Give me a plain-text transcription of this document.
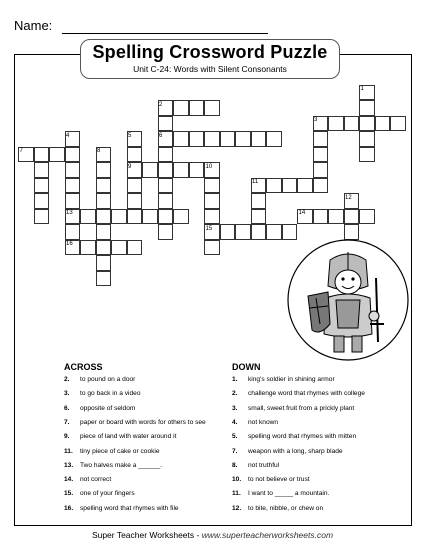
Name:
Spelling Crossword Puzzle
Unit C-24: Words with Silent Consonants
1
2
3
4	5	6
7	8
9	10
11
12
13	14
15
16
ACROSS	DOWN
2. to pound on a door
3. to go back in a video
6. opposite of seldom
7. paper or board with words for others to see
9. piece of land with water around it
11. tiny piece of cake or cookie
13. Two halves make a ______.
14. not correct
15. one of your fingers
16. spelling word that rhymes with file
1. king's soldier in shining armor
2. challenge word that rhymes with college
3. small, sweet fruit from a prickly plant
4. not known
5. spelling word that rhymes with mitten
7. weapon with a long, sharp blade
8. not truthful
10. to not believe or trust
11. I want to _____ a mountain.
12. to bite, nibble, or chew on
Super Teacher Worksheets - www.superteacherworksheets.com
